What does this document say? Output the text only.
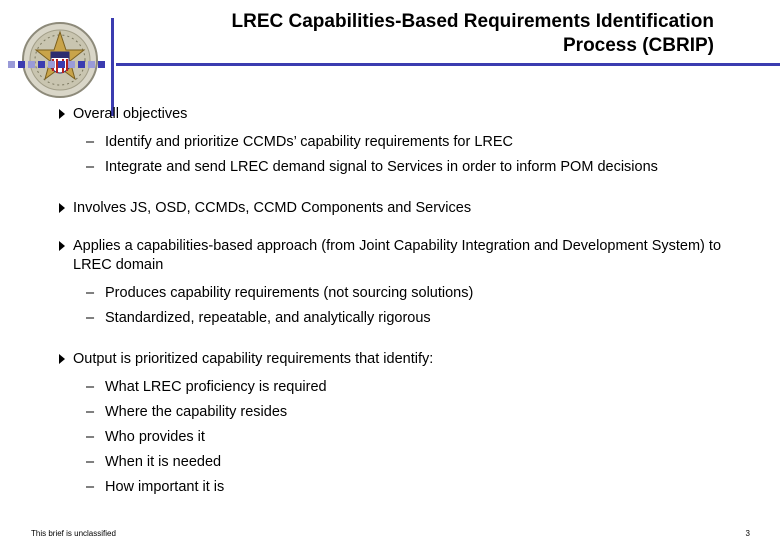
LREC Capabilities-Based Requirements Identification
Process (CBRIP)
Overall objectives
– Identify and prioritize CCMDs’ capability requirements for LREC
– Integrate and send LREC demand signal to Services in order to inform POM decisions
Involves JS, OSD, CCMDs, CCMD Components and Services
Applies a capabilities-based approach (from Joint Capability Integration and Development System) to LREC domain
– Produces capability requirements (not sourcing solutions)
– Standardized, repeatable, and analytically rigorous
Output is prioritized capability requirements that identify:
– What LREC proficiency is required
– Where the capability resides
– Who provides it
– When it is needed
– How important it is
This brief is unclassified	3
